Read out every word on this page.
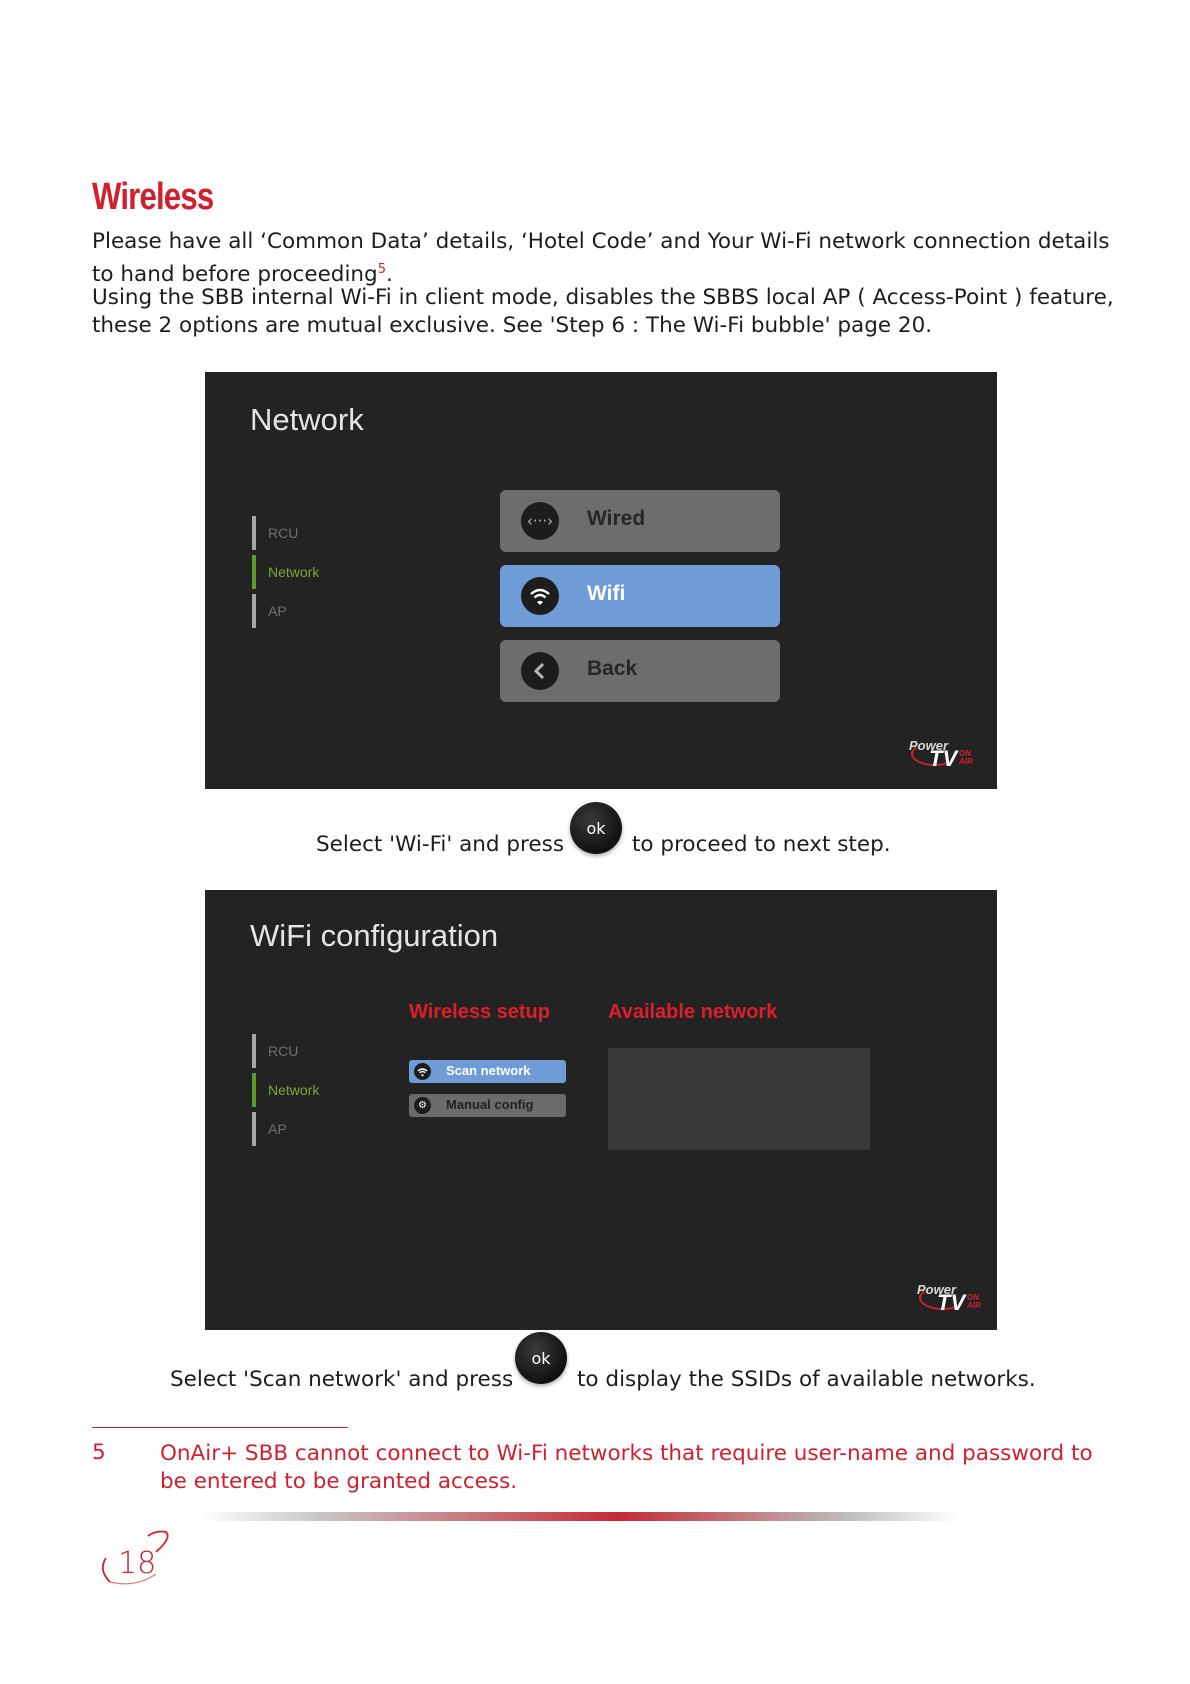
Wireless

Please have all ‘Common Data’ details, ‘Hotel Code’ and Your Wi-Fi network connection details to hand before proceeding$^5$.

Using the SBB internal Wi-Fi in client mode, disables the SBBS local AP ( Access-Point ) feature, these 2 options are mutual exclusive. See 'Step 6 : The Wi-Fi bubble' page 20.

Network
RCU
Network
AP
‹···› Wired
Wifi
Back
Power
TV ON AIR
Select 'Wi-Fi' and press
ok
to proceed to next step.
WiFi configuration
RCU
Network
AP
Wireless setup	Available network
Scan network
⚙	Manual config
Power
TV ON AIR
Select 'Scan network' and press
ok
to display the SSIDs of available networks.
5	OnAir+ SBB cannot connect to Wi-Fi networks that require user-name and password to be entered to be granted access.

18
